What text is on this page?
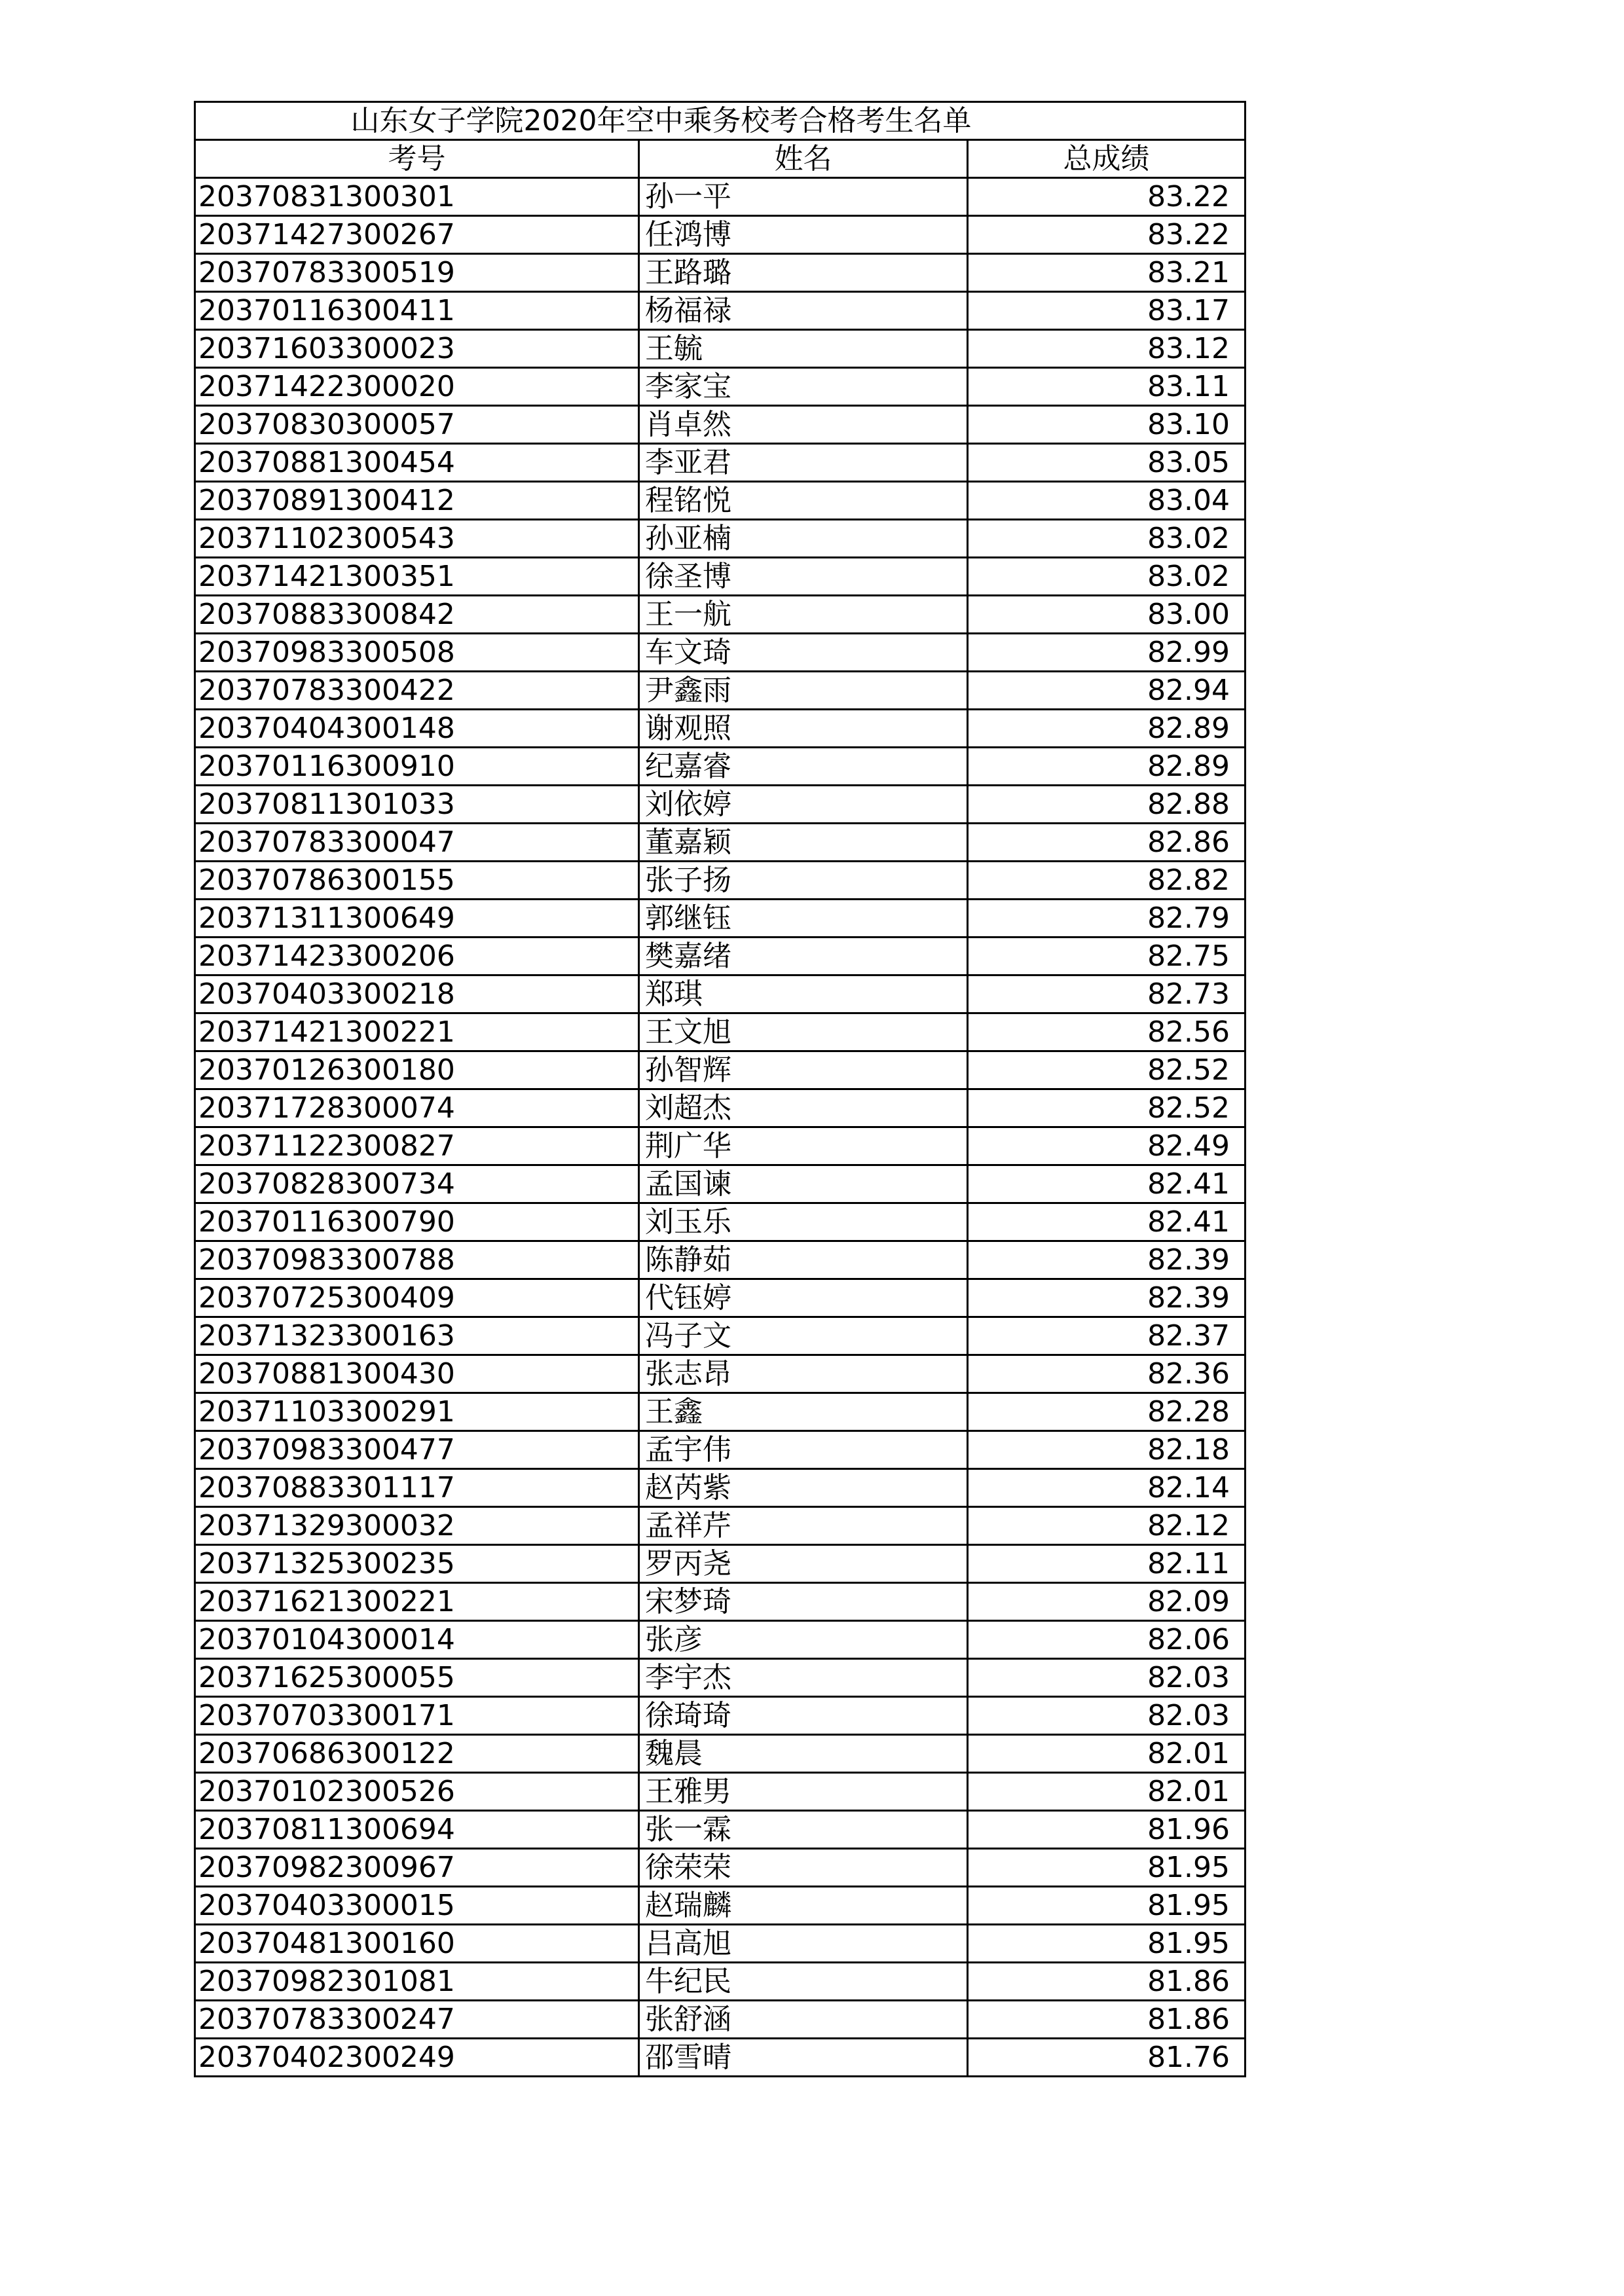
山东女子学院2020年空中乘务校考合格考生名单		
考号	姓名	总成绩
20370831300301	孙一平	83.22
20371427300267	任鸿博	83.22
20370783300519	王路璐	83.21
20370116300411	杨福禄	83.17
20371603300023	王毓	83.12
20371422300020	李家宝	83.11
20370830300057	肖卓然	83.10
20370881300454	李亚君	83.05
20370891300412	程铭悦	83.04
20371102300543	孙亚楠	83.02
20371421300351	徐圣博	83.02
20370883300842	王一航	83.00
20370983300508	车文琦	82.99
20370783300422	尹鑫雨	82.94
20370404300148	谢观照	82.89
20370116300910	纪嘉睿	82.89
20370811301033	刘依婷	82.88
20370783300047	董嘉颖	82.86
20370786300155	张子扬	82.82
20371311300649	郭继钰	82.79
20371423300206	樊嘉绪	82.75
20370403300218	郑琪	82.73
20371421300221	王文旭	82.56
20370126300180	孙智辉	82.52
20371728300074	刘超杰	82.52
20371122300827	荆广华	82.49
20370828300734	孟国谏	82.41
20370116300790	刘玉乐	82.41
20370983300788	陈静茹	82.39
20370725300409	代钰婷	82.39
20371323300163	冯子文	82.37
20370881300430	张志昂	82.36
20371103300291	王鑫	82.28
20370983300477	孟宇伟	82.18
20370883301117	赵芮紫	82.14
20371329300032	孟祥芹	82.12
20371325300235	罗丙尧	82.11
20371621300221	宋梦琦	82.09
20370104300014	张彦	82.06
20371625300055	李宇杰	82.03
20370703300171	徐琦琦	82.03
20370686300122	魏晨	82.01
20370102300526	王雅男	82.01
20370811300694	张一霖	81.96
20370982300967	徐荣荣	81.95
20370403300015	赵瑞麟	81.95
20370481300160	吕高旭	81.95
20370982301081	牛纪民	81.86
20370783300247	张舒涵	81.86
20370402300249	邵雪晴	81.76
